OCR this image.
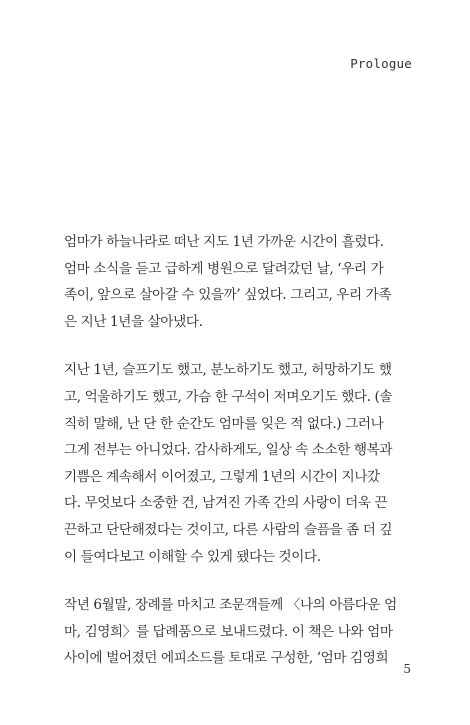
Prologue

엄마가 하늘나라로 떠난 지도 1년 가까운 시간이 흘렀다.
엄마 소식을 듣고 급하게 병원으로 달려갔던 날, ‘우리 가
족이, 앞으로 살아갈 수 있을까’ 싶었다. 그리고, 우리 가족
은 지난 1년을 살아냈다.

지난 1년, 슬프기도 했고, 분노하기도 했고, 허망하기도 했
고, 억울하기도 했고, 가슴 한 구석이 저며오기도 했다. (솔
직히 말해, 난 단 한 순간도 엄마를 잊은 적 없다.) 그러나
그게 전부는 아니었다. 감사하게도, 일상 속 소소한 행복과
기쁨은 계속해서 이어졌고, 그렇게 1년의 시간이 지나갔
다. 무엇보다 소중한 건, 남겨진 가족 간의 사랑이 더욱 끈
끈하고 단단해졌다는 것이고, 다른 사람의 슬픔을 좀 더 깊
이 들여다보고 이해할 수 있게 됐다는 것이다.

작년 6월말, 장례를 마치고 조문객들께 〈나의 아름다운 엄
마, 김영희〉를 답례품으로 보내드렸다. 이 책은 나와 엄마
사이에 벌어졌던 에피소드를 토대로 구성한, ‘엄마 김영희

5
